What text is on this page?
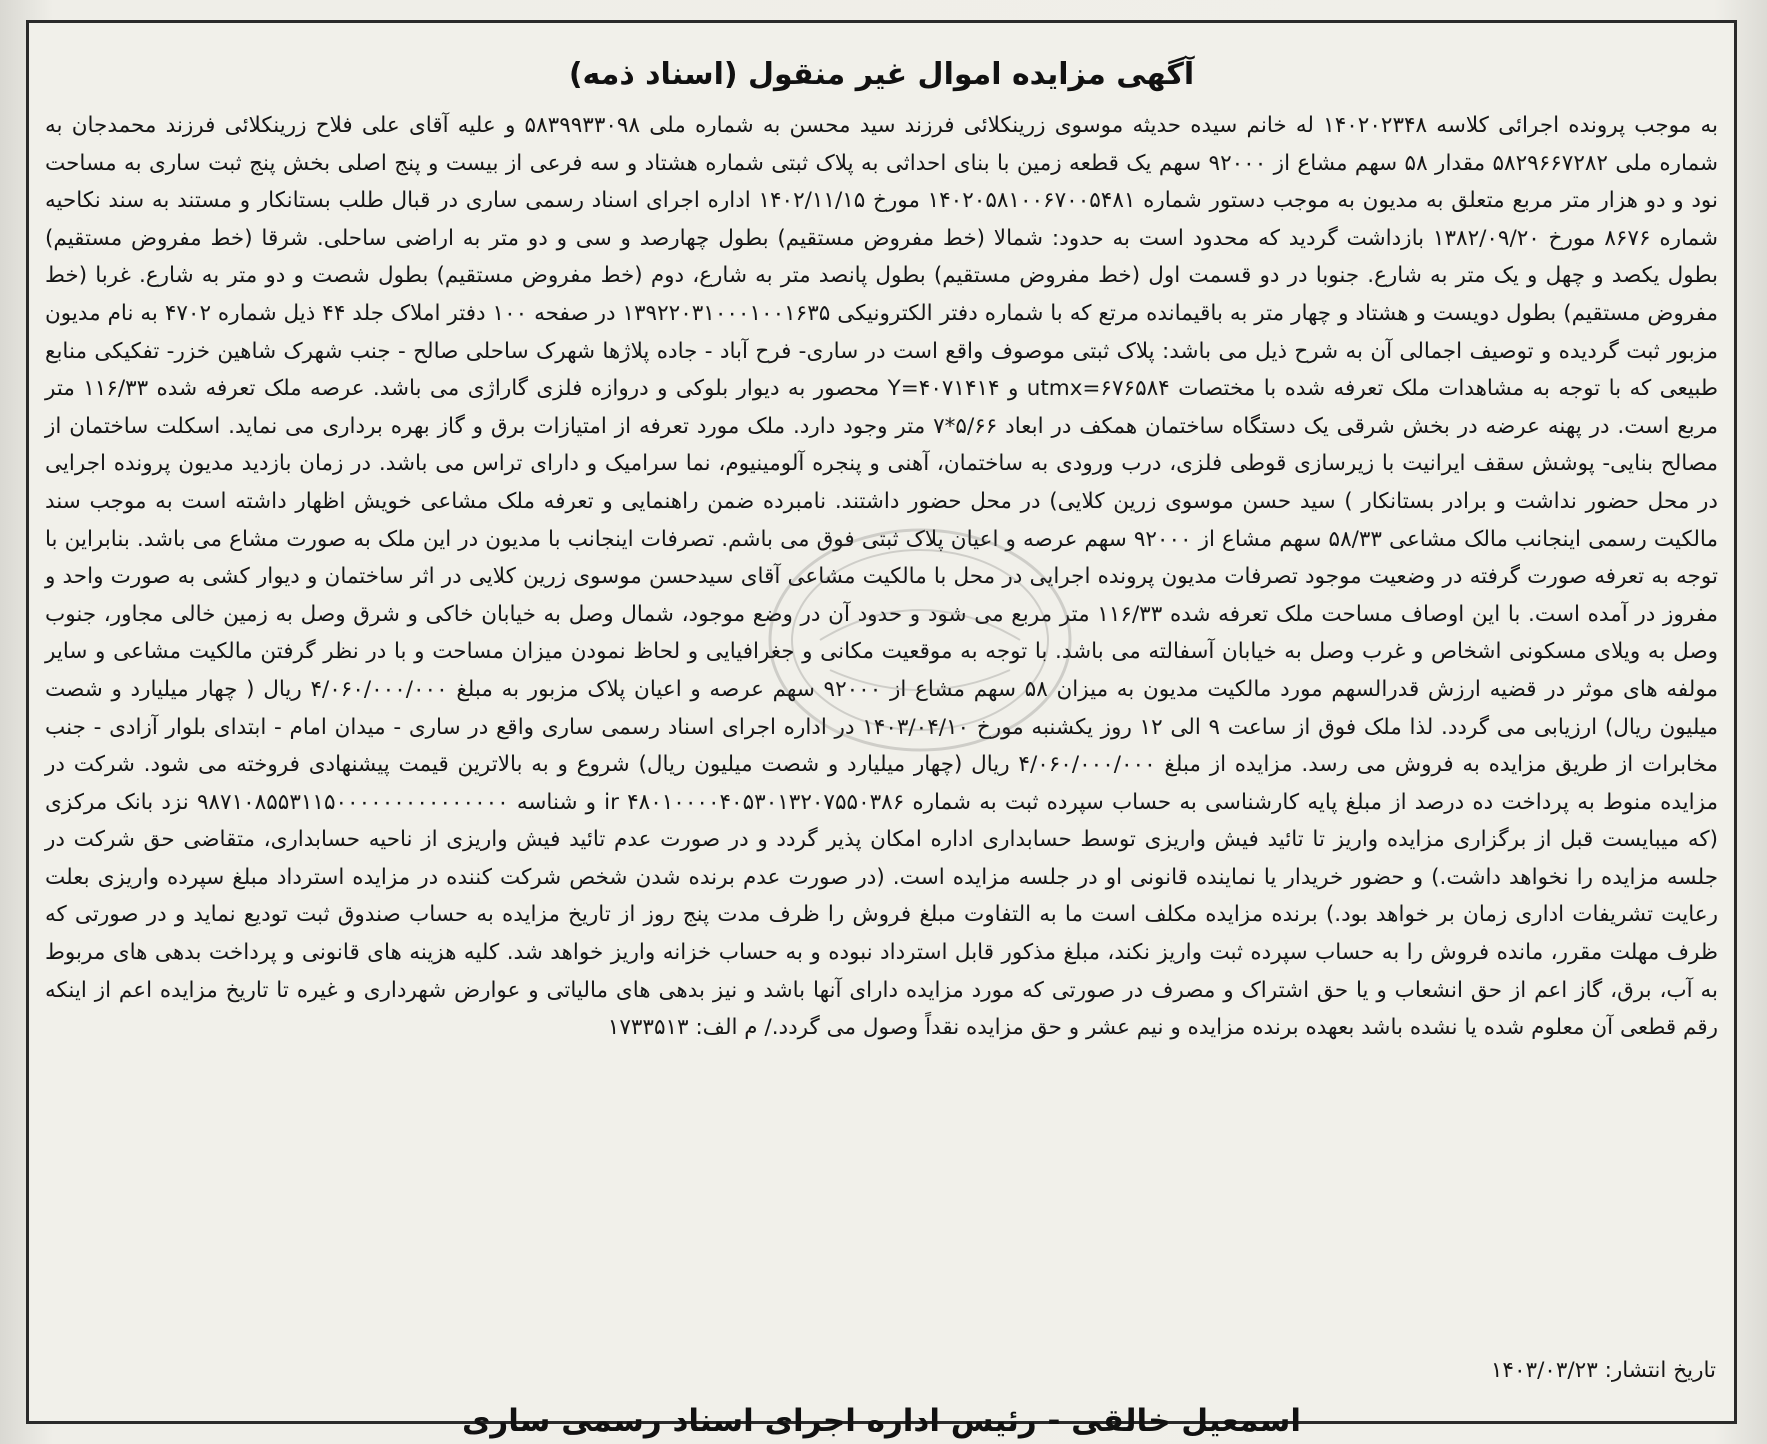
آگهی مزایده اموال غیر منقول (اسناد ذمه)
به موجب پرونده اجرائی کلاسه ۱۴۰۲۰۲۳۴۸ له خانم سیده حدیثه موسوی زرینکلائی فرزند سید محسن به شماره ملی ۵۸۳۹۹۳۳۰۹۸ و علیه آقای علی فلاح زرینکلائی فرزند محمدجان به شماره ملی ۵۸۲۹۶۶۷۲۸۲ مقدار ۵۸ سهم مشاع از ۹۲۰۰۰ سهم یک قطعه زمین با بنای احداثی به پلاک ثبتی شماره هشتاد و سه فرعی از بیست و پنج اصلی بخش پنج ثبت ساری به مساحت نود و دو هزار متر مربع متعلق به مدیون به موجب دستور شماره ۱۴۰۲۰۵۸۱۰۰۶۷۰۰۵۴۸۱ مورخ ۱۴۰۲/۱۱/۱۵ اداره اجرای اسناد رسمی ساری در قبال طلب بستانکار و مستند به سند نکاحیه شماره ۸۶۷۶ مورخ ۱۳۸۲/۰۹/۲۰ بازداشت گردید که محدود است به حدود: شمالا (خط مفروض مستقیم) بطول چهارصد و سی و دو متر به اراضی ساحلی. شرقا (خط مفروض مستقیم) بطول یکصد و چهل و یک متر به شارع. جنوبا در دو قسمت اول (خط مفروض مستقیم) بطول پانصد متر به شارع، دوم (خط مفروض مستقیم) بطول شصت و دو متر به شارع. غربا (خط مفروض مستقیم) بطول دویست و هشتاد و چهار متر به باقیمانده مرتع که با شماره دفتر الکترونیکی ۱۳۹۲۲۰۳۱۰۰۰۱۰۰۱۶۳۵ در صفحه ۱۰۰ دفتر املاک جلد ۴۴ ذیل شماره ۴۷۰۲ به نام مدیون مزبور ثبت گردیده و توصیف اجمالی آن به شرح ذیل می باشد: پلاک ثبتی موصوف واقع است در ساری- فرح آباد - جاده پلاژها شهرک ساحلی صالح - جنب شهرک شاهین خزر- تفکیکی منابع طبیعی که با توجه به مشاهدات ملک تعرفه شده با مختصات utmx=۶۷۶۵۸۴ و Y=۴۰۷۱۴۱۴ محصور به دیوار بلوکی و دروازه فلزی گاراژی می باشد. عرصه ملک تعرفه شده ۱۱۶/۳۳ متر مربع است. در پهنه عرضه در بخش شرقی یک دستگاه ساختمان همکف در ابعاد ۵/۶۶*۷ متر وجود دارد. ملک مورد تعرفه از امتیازات برق و گاز بهره برداری می نماید. اسکلت ساختمان از مصالح بنایی- پوشش سقف ایرانیت با زیرسازی قوطی فلزی، درب ورودی به ساختمان، آهنی و پنجره آلومینیوم، نما سرامیک و دارای تراس می باشد. در زمان بازدید مدیون پرونده اجرایی در محل حضور نداشت و برادر بستانکار ) سید حسن موسوی زرین کلایی) در محل حضور داشتند. نامبرده ضمن راهنمایی و تعرفه ملک مشاعی خویش اظهار داشته است به موجب سند مالکیت رسمی اینجانب مالک مشاعی ۵۸/۳۳ سهم مشاع از ۹۲۰۰۰ سهم عرصه و اعیان پلاک ثبتی فوق می باشم. تصرفات اینجانب با مدیون در این ملک به صورت مشاع می باشد. بنابراین با توجه به تعرفه صورت گرفته در وضعیت موجود تصرفات مدیون پرونده اجرایی در محل با مالکیت مشاعی آقای سیدحسن موسوی زرین کلایی در اثر ساختمان و دیوار کشی به صورت واحد و مفروز در آمده است. با این اوصاف مساحت ملک تعرفه شده ۱۱۶/۳۳ متر مربع می شود و حدود آن در وضع موجود، شمال وصل به خیابان خاکی و شرق وصل به زمین خالی مجاور، جنوب وصل به ویلای مسکونی اشخاص و غرب وصل به خیابان آسفالته می باشد. با توجه به موقعیت مکانی و جغرافیایی و لحاظ نمودن میزان مساحت و با در نظر گرفتن مالکیت مشاعی و سایر مولفه های موثر در قضیه ارزش قدرالسهم مورد مالکیت مدیون به میزان ۵۸ سهم مشاع از ۹۲۰۰۰ سهم عرصه و اعیان پلاک مزبور به مبلغ ۴/۰۶۰/۰۰۰/۰۰۰ ریال ( چهار میلیارد و شصت میلیون ریال) ارزیابی می گردد. لذا ملک فوق از ساعت ۹ الی ۱۲ روز یکشنبه مورخ ۱۴۰۳/۰۴/۱۰ در اداره اجرای اسناد رسمی ساری واقع در ساری - میدان امام - ابتدای بلوار آزادی - جنب مخابرات از طریق مزایده به فروش می رسد. مزایده از مبلغ ۴/۰۶۰/۰۰۰/۰۰۰ ریال (چهار میلیارد و شصت میلیون ریال) شروع و به بالاترین قیمت پیشنهادی فروخته می شود. شرکت در مزایده منوط به پرداخت ده درصد از مبلغ پایه کارشناسی به حساب سپرده ثبت به شماره ir ۴۸۰۱۰۰۰۰۴۰۵۳۰۱۳۲۰۷۵۵۰۳۸۶ و شناسه ۹۸۷۱۰۸۵۵۳۱۱۵۰۰۰۰۰۰۰۰۰۰۰۰۰۰۰ نزد بانک مرکزی (که میبایست قبل از برگزاری مزایده واریز تا تائید فیش واریزی توسط حسابداری اداره امکان پذیر گردد و در صورت عدم تائید فیش واریزی از ناحیه حسابداری، متقاضی حق شرکت در جلسه مزایده را نخواهد داشت.) و حضور خریدار یا نماینده قانونی او در جلسه مزایده است. (در صورت عدم برنده شدن شخص شرکت کننده در مزایده استرداد مبلغ سپرده واریزی بعلت رعایت تشریفات اداری زمان بر خواهد بود.) برنده مزایده مکلف است ما به التفاوت مبلغ فروش را ظرف مدت پنج روز از تاریخ مزایده به حساب صندوق ثبت تودیع نماید و در صورتی که ظرف مهلت مقرر، مانده فروش را به حساب سپرده ثبت واریز نکند، مبلغ مذکور قابل استرداد نبوده و به حساب خزانه واریز خواهد شد. کلیه هزینه های قانونی و پرداخت بدهی های مربوط به آب، برق، گاز اعم از حق انشعاب و یا حق اشتراک و مصرف در صورتی که مورد مزایده دارای آنها باشد و نیز بدهی های مالیاتی و عوارض شهرداری و غیره تا تاریخ مزایده اعم از اینکه رقم قطعی آن معلوم شده یا نشده باشد بعهده برنده مزایده و نیم عشر و حق مزایده نقداً وصول می گردد./ م الف: ۱۷۳۳۵۱۳
تاریخ انتشار: ۱۴۰۳/۰۳/۲۳
اسمعیل خالقی - رئیس اداره اجرای اسناد رسمی ساری
